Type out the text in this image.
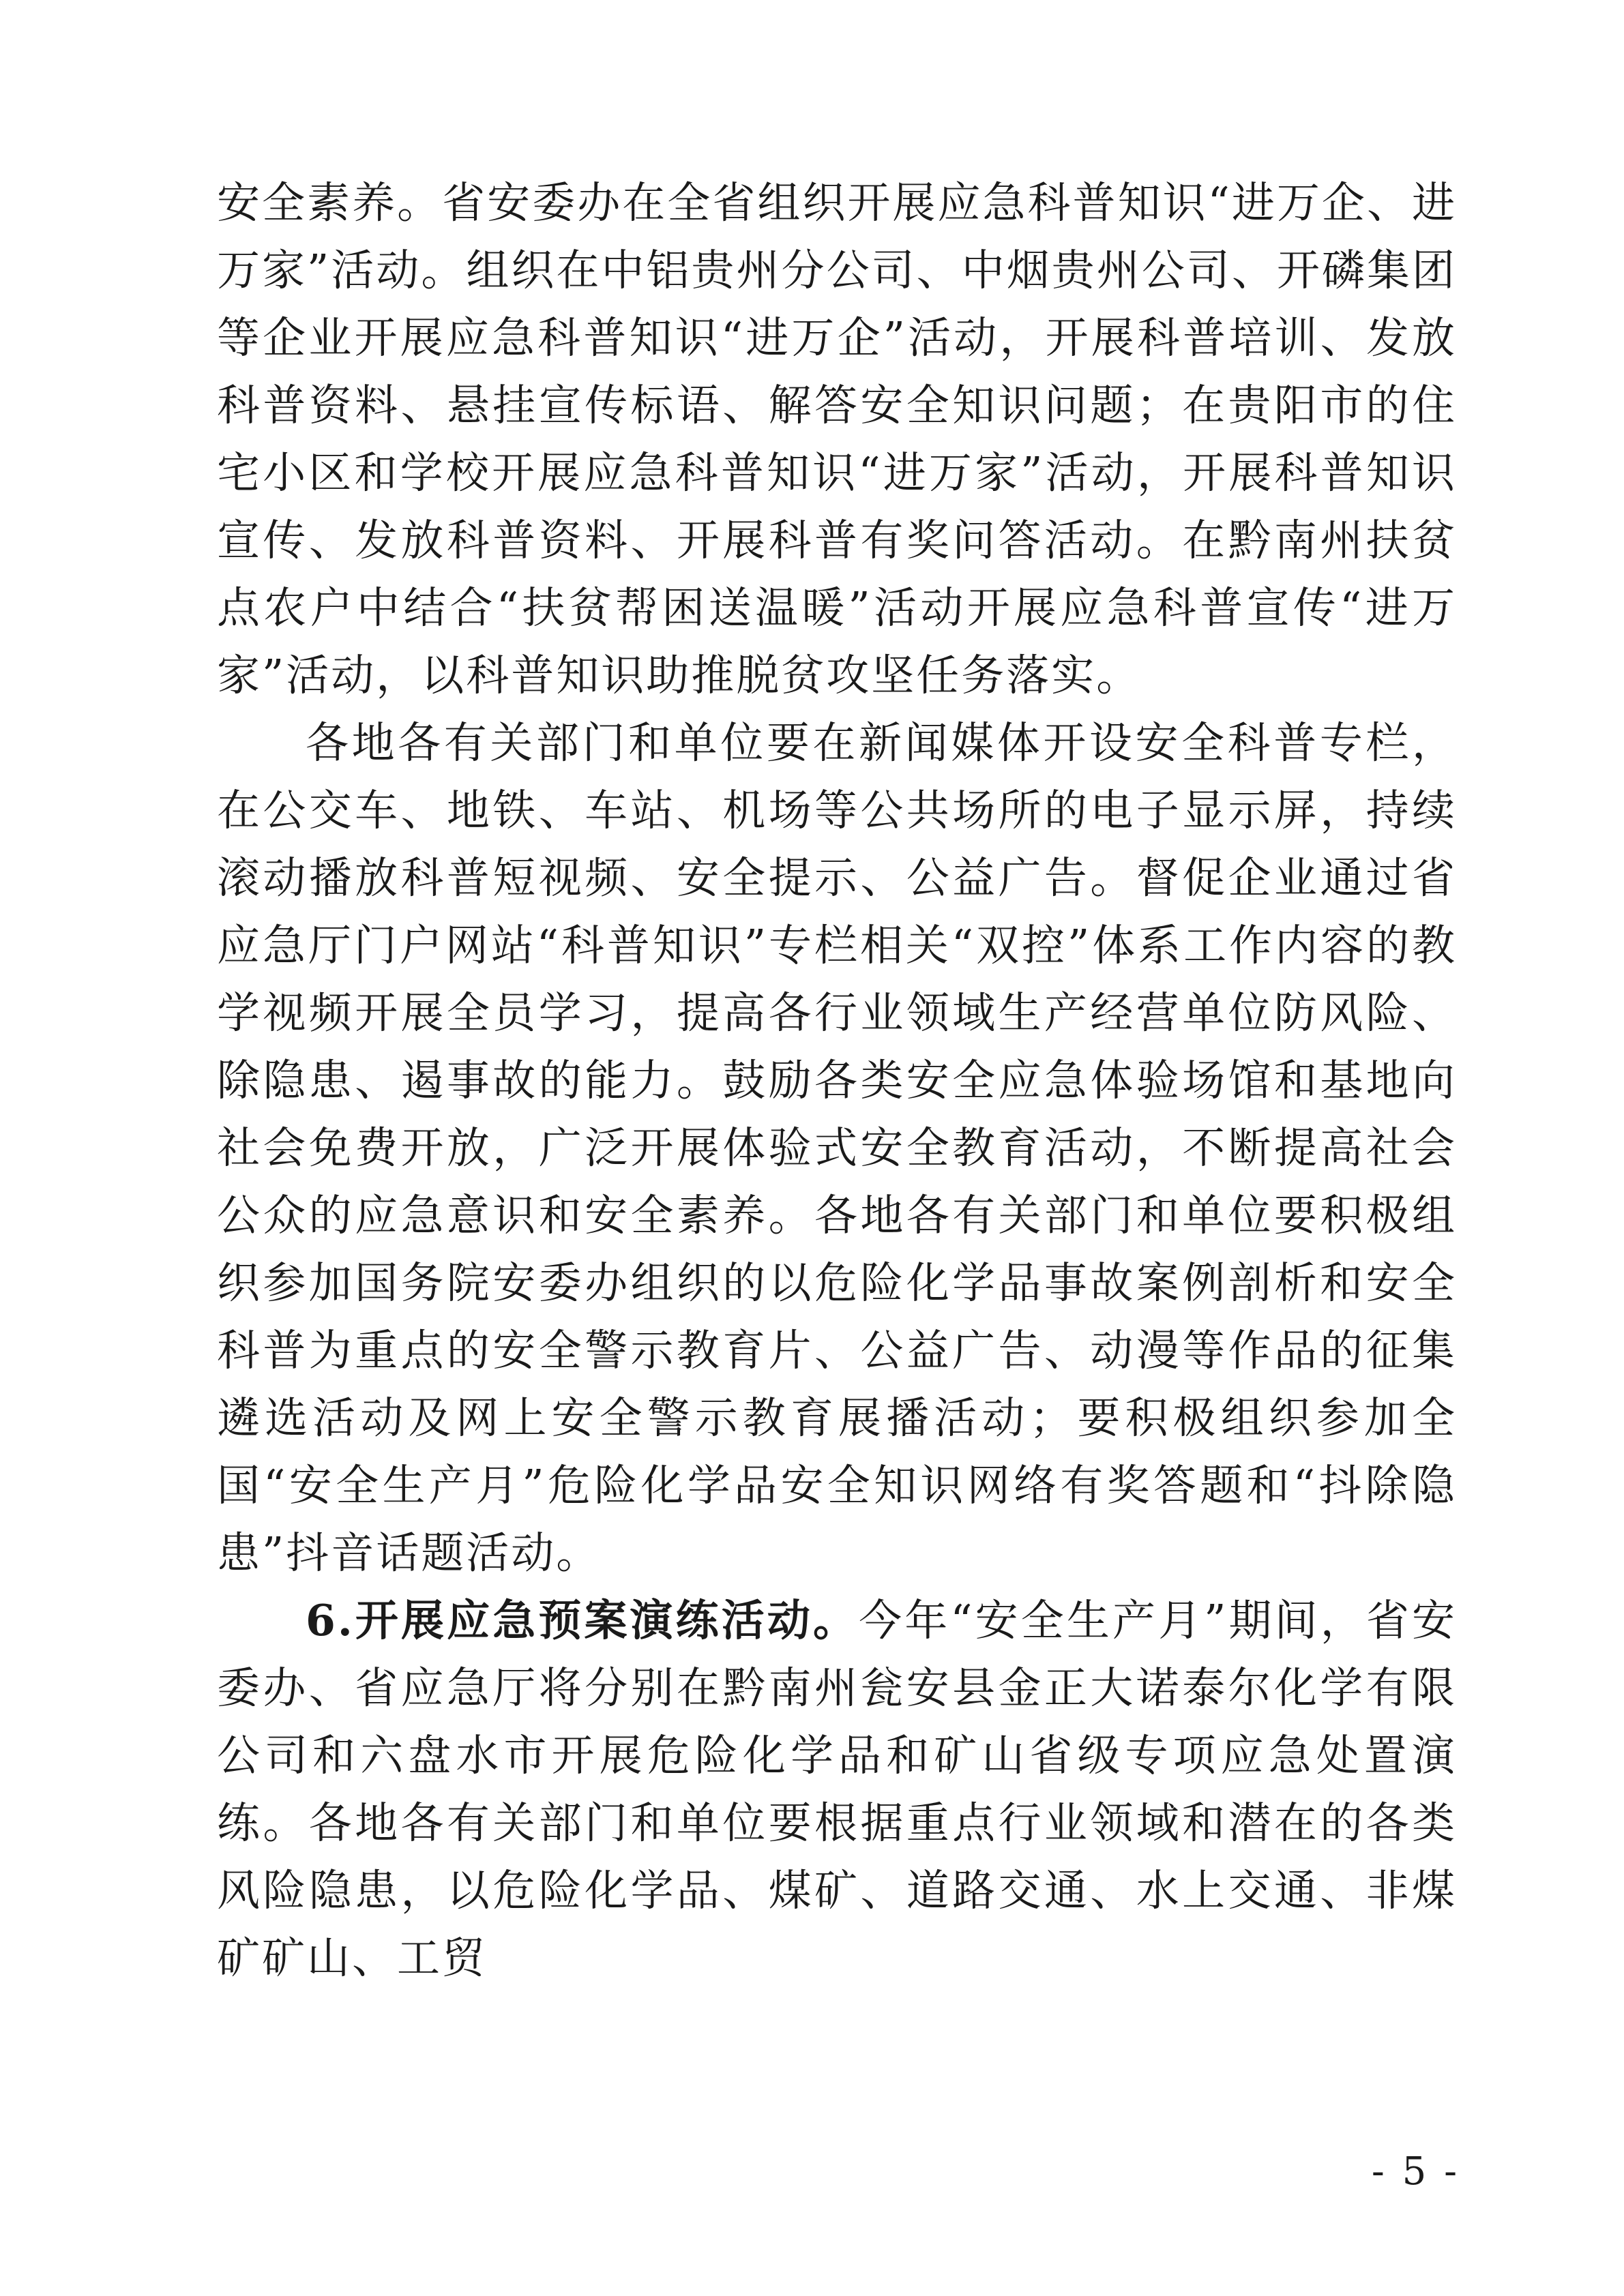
安全素养。省安委办在全省组织开展应急科普知识“进万企、进万家”活动。组织在中铝贵州分公司、中烟贵州公司、开磷集团等企业开展应急科普知识“进万企”活动，开展科普培训、发放科普资料、悬挂宣传标语、解答安全知识问题；在贵阳市的住宅小区和学校开展应急科普知识“进万家”活动，开展科普知识宣传、发放科普资料、开展科普有奖问答活动。在黔南州扶贫点农户中结合“扶贫帮困送温暖”活动开展应急科普宣传“进万家”活动，以科普知识助推脱贫攻坚任务落实。

各地各有关部门和单位要在新闻媒体开设安全科普专栏，在公交车、地铁、车站、机场等公共场所的电子显示屏，持续滚动播放科普短视频、安全提示、公益广告。督促企业通过省应急厅门户网站“科普知识”专栏相关“双控”体系工作内容的教学视频开展全员学习，提高各行业领域生产经营单位防风险、除隐患、遏事故的能力。鼓励各类安全应急体验场馆和基地向社会免费开放，广泛开展体验式安全教育活动，不断提高社会公众的应急意识和安全素养。各地各有关部门和单位要积极组织参加国务院安委办组织的以危险化学品事故案例剖析和安全科普为重点的安全警示教育片、公益广告、动漫等作品的征集遴选活动及网上安全警示教育展播活动；要积极组织参加全国“安全生产月”危险化学品安全知识网络有奖答题和“抖除隐患”抖音话题活动。

6.开展应急预案演练活动。今年“安全生产月”期间，省安委办、省应急厅将分别在黔南州瓮安县金正大诺泰尔化学有限公司和六盘水市开展危险化学品和矿山省级专项应急处置演练。各地各有关部门和单位要根据重点行业领域和潜在的各类风险隐患，以危险化学品、煤矿、道路交通、水上交通、非煤矿矿山、工贸

- 5 -
